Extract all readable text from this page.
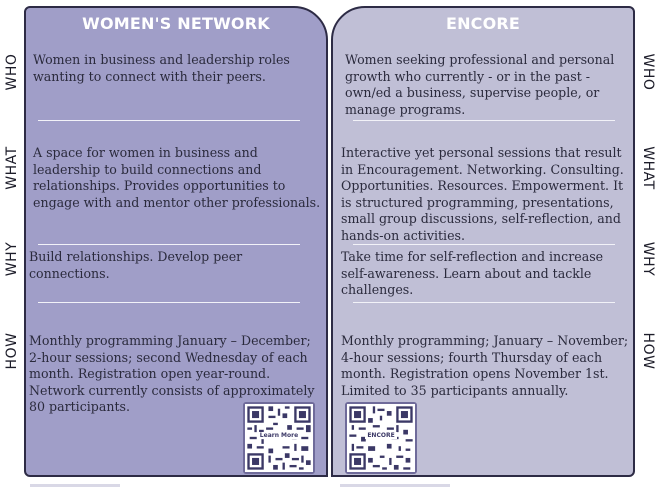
WHO
WHAT
WHY
HOW
WHO
WHAT
WHY
HOW
WOMEN'S NETWORK
Women in business and leadership roles wanting to connect with their peers.
A space for women in business and leadership to build connections and relationships. Provides opportunities to engage with and mentor other professionals.
Build relationships. Develop peer connections.
Monthly programming January – December; 2-hour sessions; second Wednesday of each month. Registration open year-round. Network currently consists of approximately 80 participants.
Learn More
ENCORE
Women seeking professional and personal growth who currently - or in the past - own/ed a business, supervise people, or manage programs.
Interactive yet personal sessions that result in Encouragement. Networking. Consulting. Opportunities. Resources. Empowerment. It is structured programming, presentations, small group discussions, self-reflection, and hands-on activities.
Take time for self-reflection and increase self-awareness. Learn about and tackle challenges.
Monthly programming; January – November; 4-hour sessions; fourth Thursday of each month. Registration opens November 1st. Limited to 35 participants annually.
ENCORE
